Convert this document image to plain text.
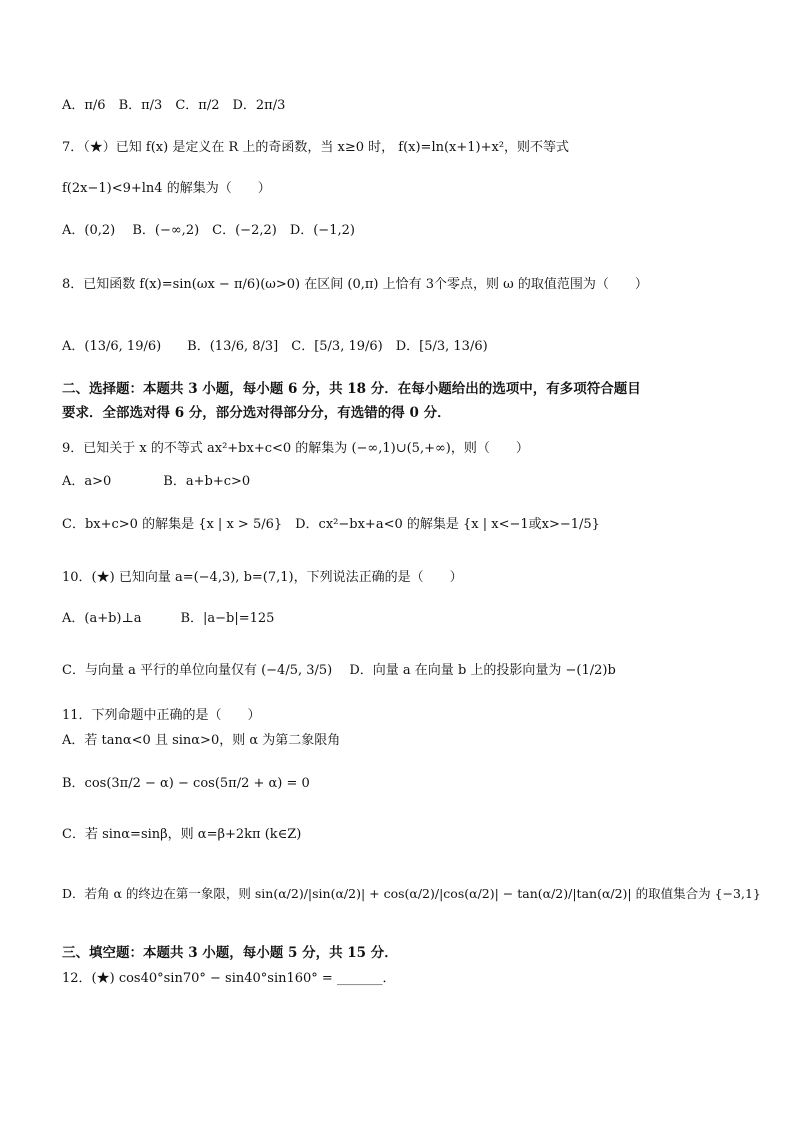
A．π/6　B．π/3　C．π/2　D．2π/3
7．（★）已知 f(x) 是定义在 R 上的奇函数，当 x≥0 时， f(x)=ln(x+1)+x²，则不等式
f(2x−1)<9+ln4 的解集为（　　）
A．(0,2)　 B．(−∞,2)　C．(−2,2)　D．(−1,2)
8．已知函数 f(x)=sin(ωx − π/6)(ω>0) 在区间 (0,π) 上恰有 3个零点，则 ω 的取值范围为（　　）
A．(13/6, 19/6)　　B．(13/6, 8/3]　C．[5/3, 19/6)　D．[5/3, 13/6)
二、选择题：本题共 3 小题，每小题 6 分，共 18 分．在每小题给出的选项中，有多项符合题目
要求．全部选对得 6 分，部分选对得部分分，有选错的得 0 分．
9．已知关于 x 的不等式 ax²+bx+c<0 的解集为 (−∞,1)∪(5,+∞)，则（　　）
A．a>0　　　　B．a+b+c>0
C．bx+c>0 的解集是 {x | x > 5/6}　D．cx²−bx+a<0 的解集是 {x | x<−1或x>−1/5}
10．(★) 已知向量 a=(−4,3), b=(7,1)，下列说法正确的是（　　）
A．(a+b)⊥a　　　B．|a−b|=125
C．与向量 a 平行的单位向量仅有 (−4/5, 3/5)　 D．向量 a 在向量 b 上的投影向量为 −(1/2)b
11．下列命题中正确的是（　　）
A．若 tanα<0 且 sinα>0，则 α 为第二象限角
B．cos(3π/2 − α) − cos(5π/2 + α) = 0
C．若 sinα=sinβ，则 α=β+2kπ (k∈Z)
D．若角 α 的终边在第一象限，则 sin(α/2)/|sin(α/2)| + cos(α/2)/|cos(α/2)| − tan(α/2)/|tan(α/2)| 的取值集合为 {−3,1}
三、填空题：本题共 3 小题，每小题 5 分，共 15 分．
12．(★) cos40°sin70° − sin40°sin160° = _______．
